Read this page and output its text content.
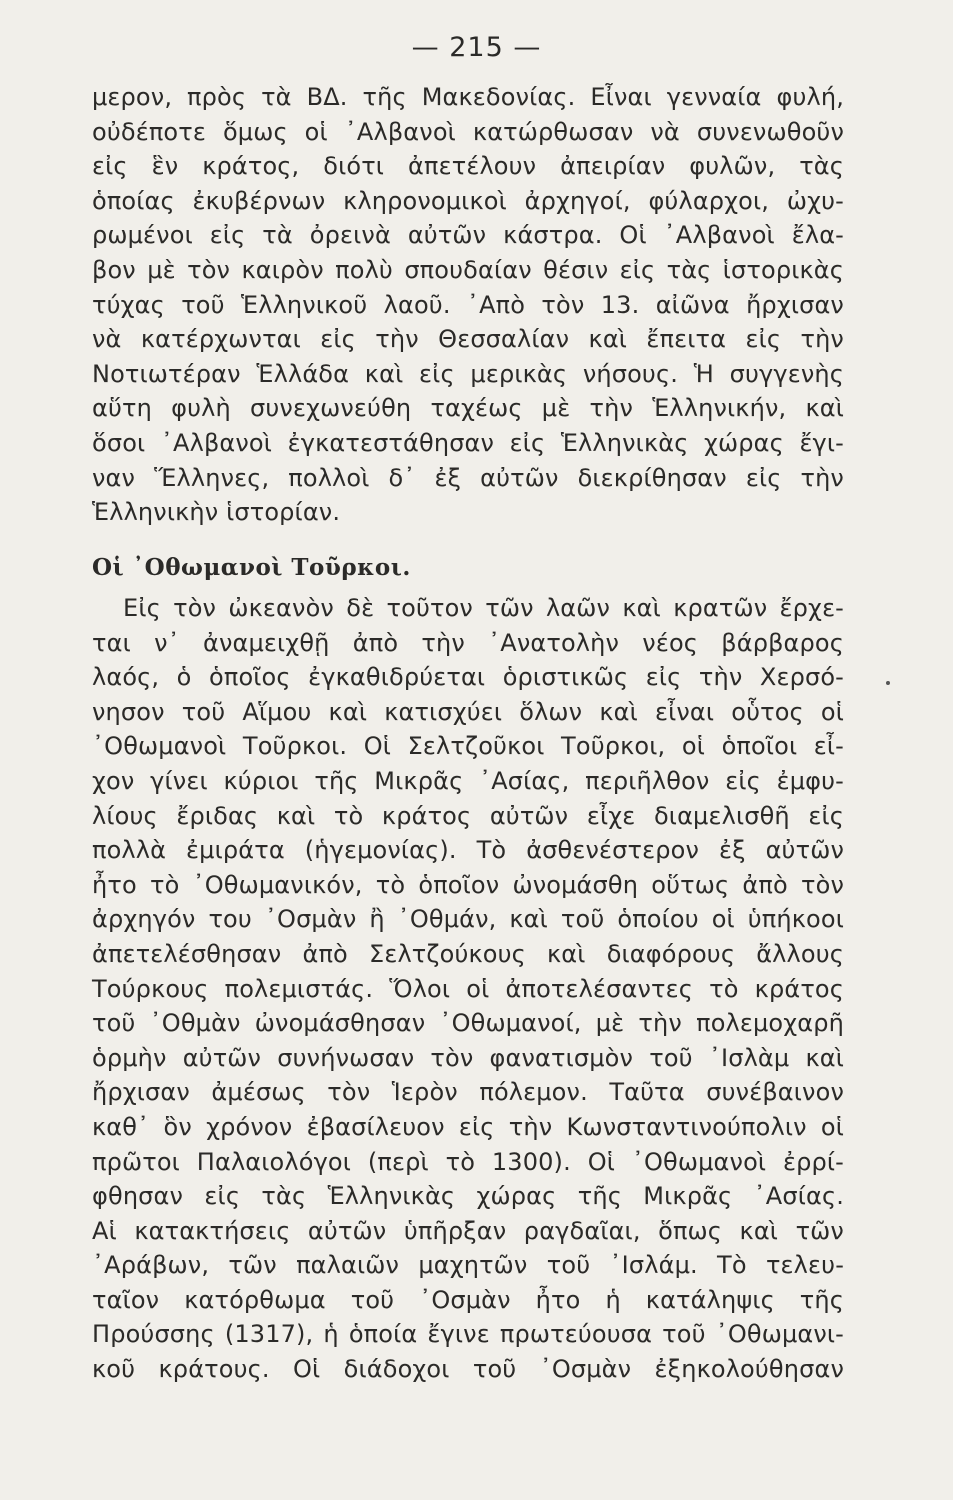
— 215 —
μερον, πρὸς τὰ ΒΔ. τῆς Μακεδονίας. Εἶναι γενναία φυλή,
οὐδέποτε ὅμως οἱ ᾿Αλβανοὶ κατώρθωσαν νὰ συνενωθοῦν
εἰς ἓν κράτος, διότι ἀπετέλουν ἀπειρίαν φυλῶν, τὰς
ὁποίας ἐκυβέρνων κληρονομικοὶ ἀρχηγοί, φύλαρχοι, ὠχυ-
ρωμένοι εἰς τὰ ὀρεινὰ αὐτῶν κάστρα. Οἱ ᾿Αλβανοὶ ἔλα-
βον μὲ τὸν καιρὸν πολὺ σπουδαίαν θέσιν εἰς τὰς ἱστορικὰς
τύχας τοῦ Ἑλληνικοῦ λαοῦ. ᾿Απὸ τὸν 13. αἰῶνα ἤρχισαν
νὰ κατέρχωνται εἰς τὴν Θεσσαλίαν καὶ ἔπειτα εἰς τὴν
Νοτιωτέραν Ἑλλάδα καὶ εἰς μερικὰς νήσους. Ἡ συγγενὴς
αὕτη φυλὴ συνεχωνεύθη ταχέως μὲ τὴν Ἑλληνικήν, καὶ
ὅσοι ᾿Αλβανοὶ ἐγκατεστάθησαν εἰς Ἑλληνικὰς χώρας ἔγι-
ναν Ἕλληνες, πολλοὶ δ᾿ ἐξ αὐτῶν διεκρίθησαν εἰς τὴν
Ἑλληνικὴν ἱστορίαν.
Οἱ ᾿Οθωμανοὶ Τοῦρκοι.
Εἰς τὸν ὠκεανὸν δὲ τοῦτον τῶν λαῶν καὶ κρατῶν ἔρχε-
ται ν᾿ ἀναμειχθῇ ἀπὸ τὴν ᾿Ανατολὴν νέος βάρβαρος
λαός, ὁ ὁποῖος ἐγκαθιδρύεται ὁριστικῶς εἰς τὴν Χερσό-
νησον τοῦ Αἵμου καὶ κατισχύει ὅλων καὶ εἶναι οὗτος οἱ
᾿Οθωμανοὶ Τοῦρκοι. Οἱ Σελτζοῦκοι Τοῦρκοι, οἱ ὁποῖοι εἶ-
χον γίνει κύριοι τῆς Μικρᾶς ᾿Ασίας, περιῆλθον εἰς ἐμφυ-
λίους ἔριδας καὶ τὸ κράτος αὐτῶν εἶχε διαμελισθῆ εἰς
πολλὰ ἐμιράτα (ἡγεμονίας). Τὸ ἀσθενέστερον ἐξ αὐτῶν
ἦτο τὸ ᾿Οθωμανικόν, τὸ ὁποῖον ὠνομάσθη οὕτως ἀπὸ τὸν
ἀρχηγόν του ᾿Οσμὰν ἢ ᾿Οθμάν, καὶ τοῦ ὁποίου οἱ ὑπήκοοι
ἀπετελέσθησαν ἀπὸ Σελτζούκους καὶ διαφόρους ἄλλους
Τούρκους πολεμιστάς. Ὅλοι οἱ ἀποτελέσαντες τὸ κράτος
τοῦ ᾿Οθμὰν ὠνομάσθησαν ᾿Οθωμανοί, μὲ τὴν πολεμοχαρῆ
ὁρμὴν αὐτῶν συνήνωσαν τὸν φανατισμὸν τοῦ ᾿Ισλὰμ καὶ
ἤρχισαν ἀμέσως τὸν Ἱερὸν πόλεμον. Ταῦτα συνέβαινον
καθ᾿ ὃν χρόνον ἐβασίλευον εἰς τὴν Κωνσταντινούπολιν οἱ
πρῶτοι Παλαιολόγοι (περὶ τὸ 1300). Οἱ ᾿Οθωμανοὶ ἐρρί-
φθησαν εἰς τὰς Ἑλληνικὰς χώρας τῆς Μικρᾶς ᾿Ασίας.
Αἱ κατακτήσεις αὐτῶν ὑπῆρξαν ραγδαῖαι, ὅπως καὶ τῶν
᾿Αράβων, τῶν παλαιῶν μαχητῶν τοῦ ᾿Ισλάμ. Τὸ τελευ-
ταῖον κατόρθωμα τοῦ ᾿Οσμὰν ἦτο ἡ κατάληψις τῆς
Προύσσης (1317), ἡ ὁποία ἔγινε πρωτεύουσα τοῦ ᾿Οθωμανι-
κοῦ κράτους. Οἱ διάδοχοι τοῦ ᾿Οσμὰν ἐξηκολούθησαν
